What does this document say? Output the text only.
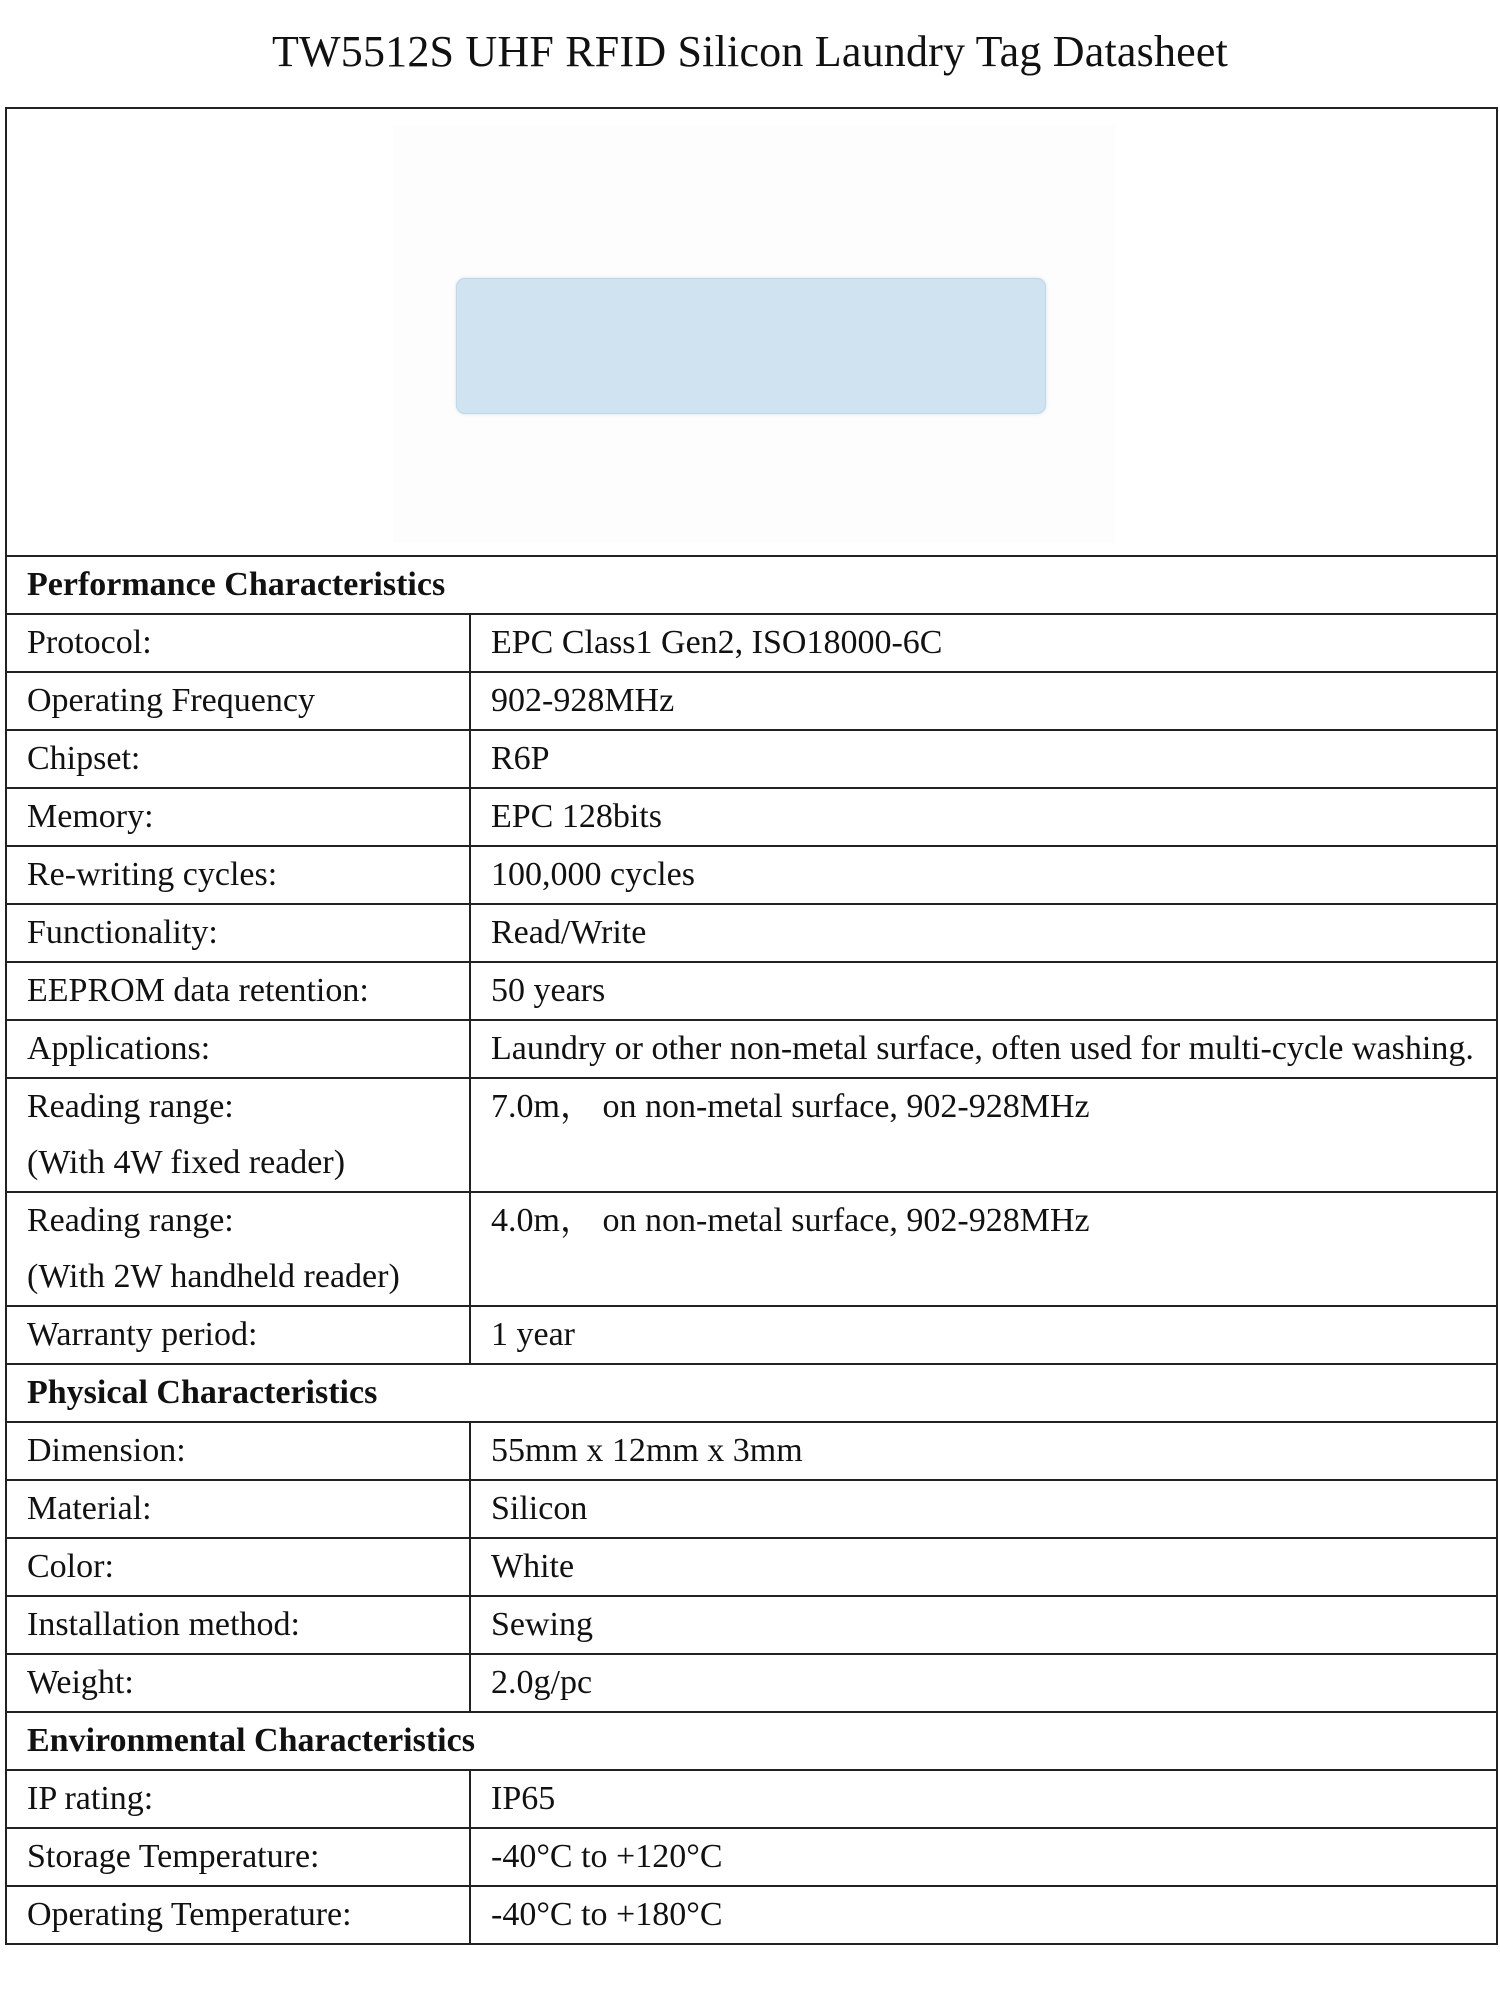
TW5512S UHF RFID Silicon Laundry Tag Datasheet

Performance Characteristics	
Protocol:	EPC Class1 Gen2, ISO18000-6C
Operating Frequency	902-928MHz
Chipset:	R6P
Memory:	EPC 128bits
Re-writing cycles:	100,000 cycles
Functionality:	Read/Write
EEPROM data retention:	50 years
Applications:	Laundry or other non-metal surface, often used for multi-cycle washing.

Reading range:
(With 4W fixed reader)	7.0m， on non-metal surface, 902-928MHz

Reading range:
(With 2W handheld reader)	4.0m， on non-metal surface, 902-928MHz
Warranty period:	1 year
Physical Characteristics	
Dimension:	55mm x 12mm x 3mm
Material:	Silicon
Color:	White
Installation method:	Sewing
Weight:	2.0g/pc
Environmental Characteristics	
IP rating:	IP65
Storage Temperature:	-40°C to +120°C
Operating Temperature:	-40°C to +180°C
